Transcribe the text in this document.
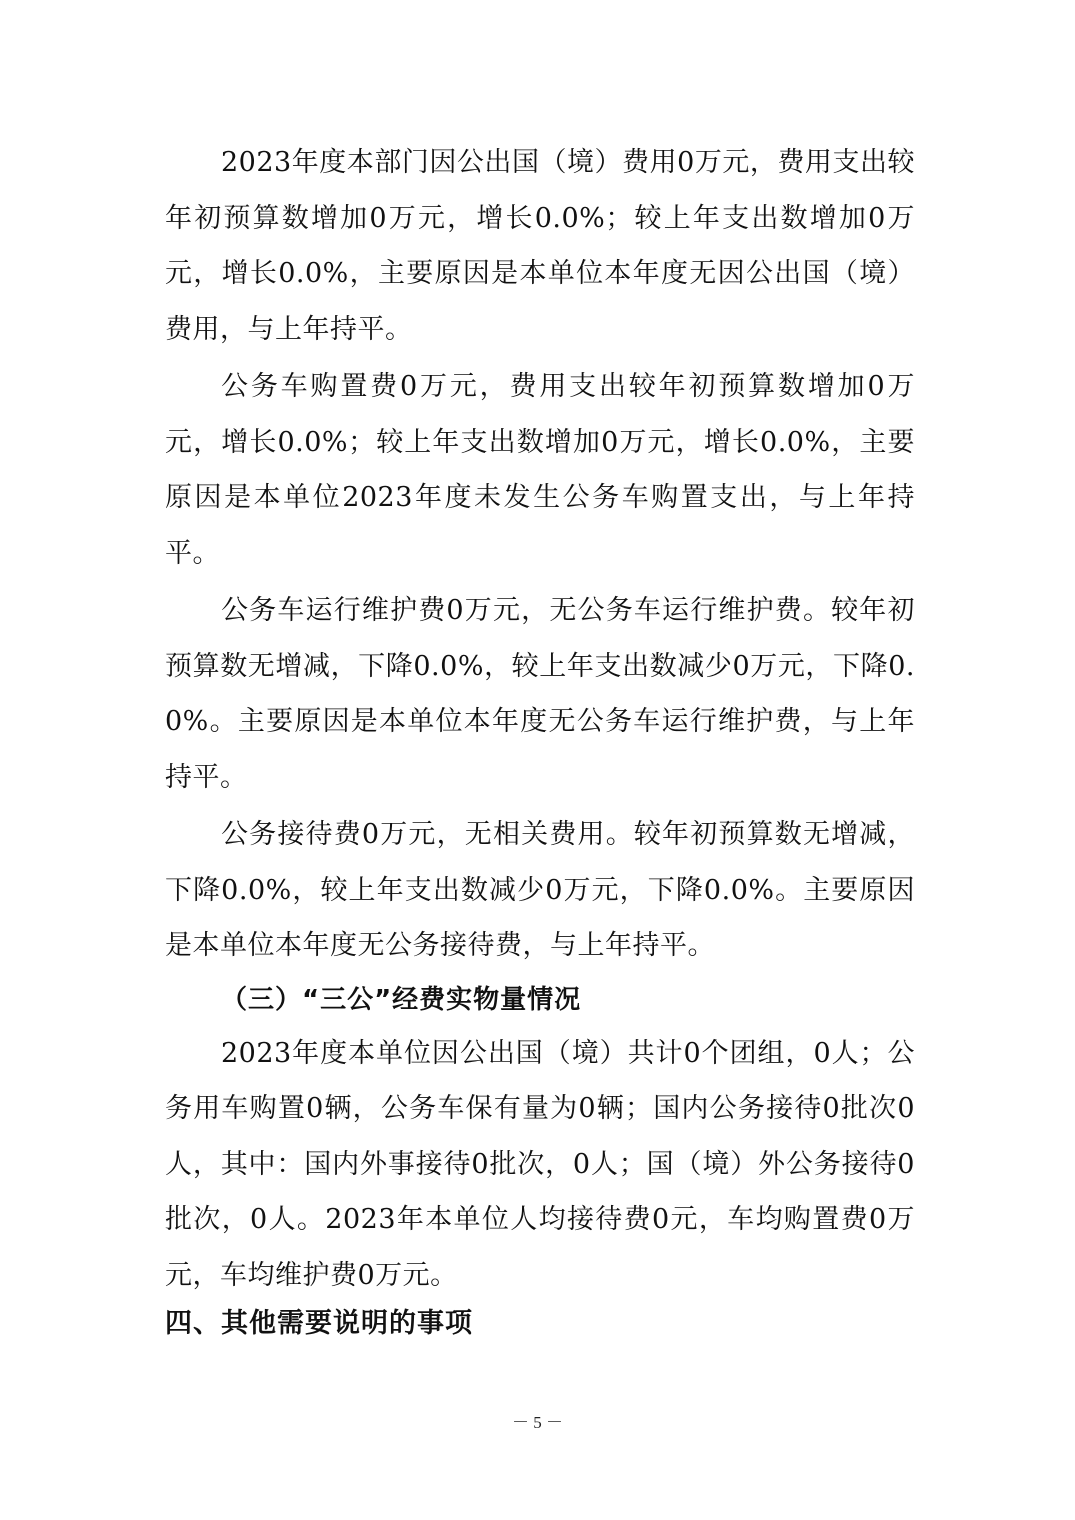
2023年度本部门因公出国（境）费用0万元，费用支出较年初预算数增加0万元，增长0.0%；较上年支出数增加0万元，增长0.0%，主要原因是本单位本年度无因公出国（境）费用，与上年持平。

公务车购置费0万元，费用支出较年初预算数增加0万元，增长0.0%；较上年支出数增加0万元，增长0.0%，主要原因是本单位2023年度未发生公务车购置支出，与上年持平。

公务车运行维护费0万元，无公务车运行维护费。较年初预算数无增减，下降0.0%，较上年支出数减少0万元，下降0.0%。主要原因是本单位本年度无公务车运行维护费，与上年持平。

公务接待费0万元，无相关费用。较年初预算数无增减，下降0.0%，较上年支出数减少0万元，下降0.0%。主要原因是本单位本年度无公务接待费，与上年持平。

（三）“三公”经费实物量情况

2023年度本单位因公出国（境）共计0个团组，0人；公务用车购置0辆，公务车保有量为0辆；国内公务接待0批次0人，其中：国内外事接待0批次，0人；国（境）外公务接待0批次，0人。2023年本单位人均接待费0元，车均购置费0万元，车均维护费0万元。

四、其他需要说明的事项
－ 5 －
